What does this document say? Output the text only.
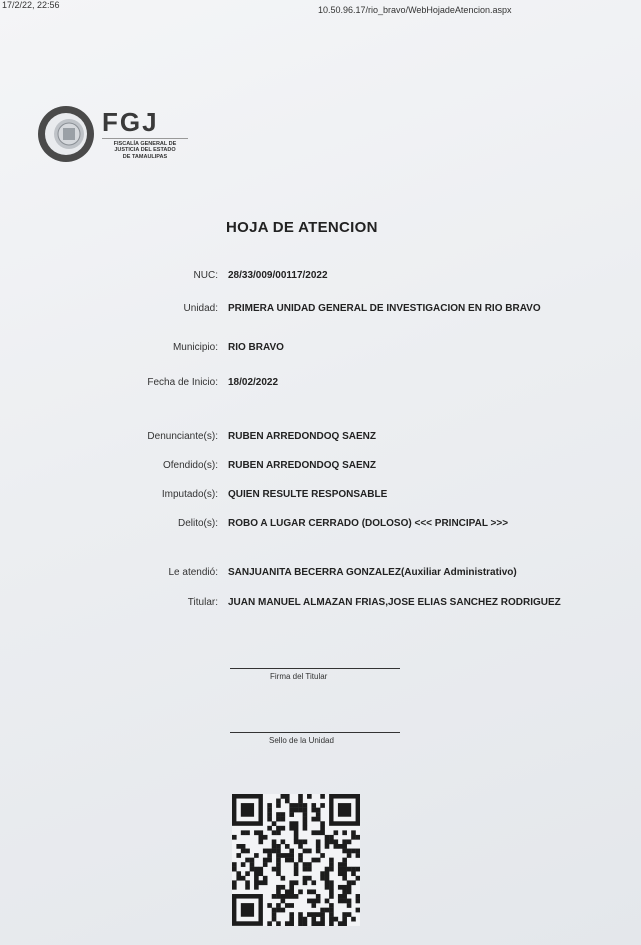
17/2/22, 22:56	10.50.96.17/rio_bravo/WebHojadeAtencion.aspx
FGJ
FISCALÍA GENERAL DE
JUSTICIA DEL ESTADO
DE TAMAULIPAS
HOJA DE ATENCION
NUC: 28/33/009/00117/2022
Unidad: PRIMERA UNIDAD GENERAL DE INVESTIGACION EN RIO BRAVO
Municipio: RIO BRAVO
Fecha de Inicio: 18/02/2022
Denunciante(s): RUBEN ARREDONDOQ SAENZ
Ofendido(s): RUBEN ARREDONDOQ SAENZ
Imputado(s): QUIEN RESULTE RESPONSABLE
Delito(s): ROBO A LUGAR CERRADO (DOLOSO) <<< PRINCIPAL >>>
Le atendió: SANJUANITA BECERRA GONZALEZ(Auxiliar Administrativo)
Titular: JUAN MANUEL ALMAZAN FRIAS,JOSE ELIAS SANCHEZ RODRIGUEZ
Firma del Titular
Sello de la Unidad
